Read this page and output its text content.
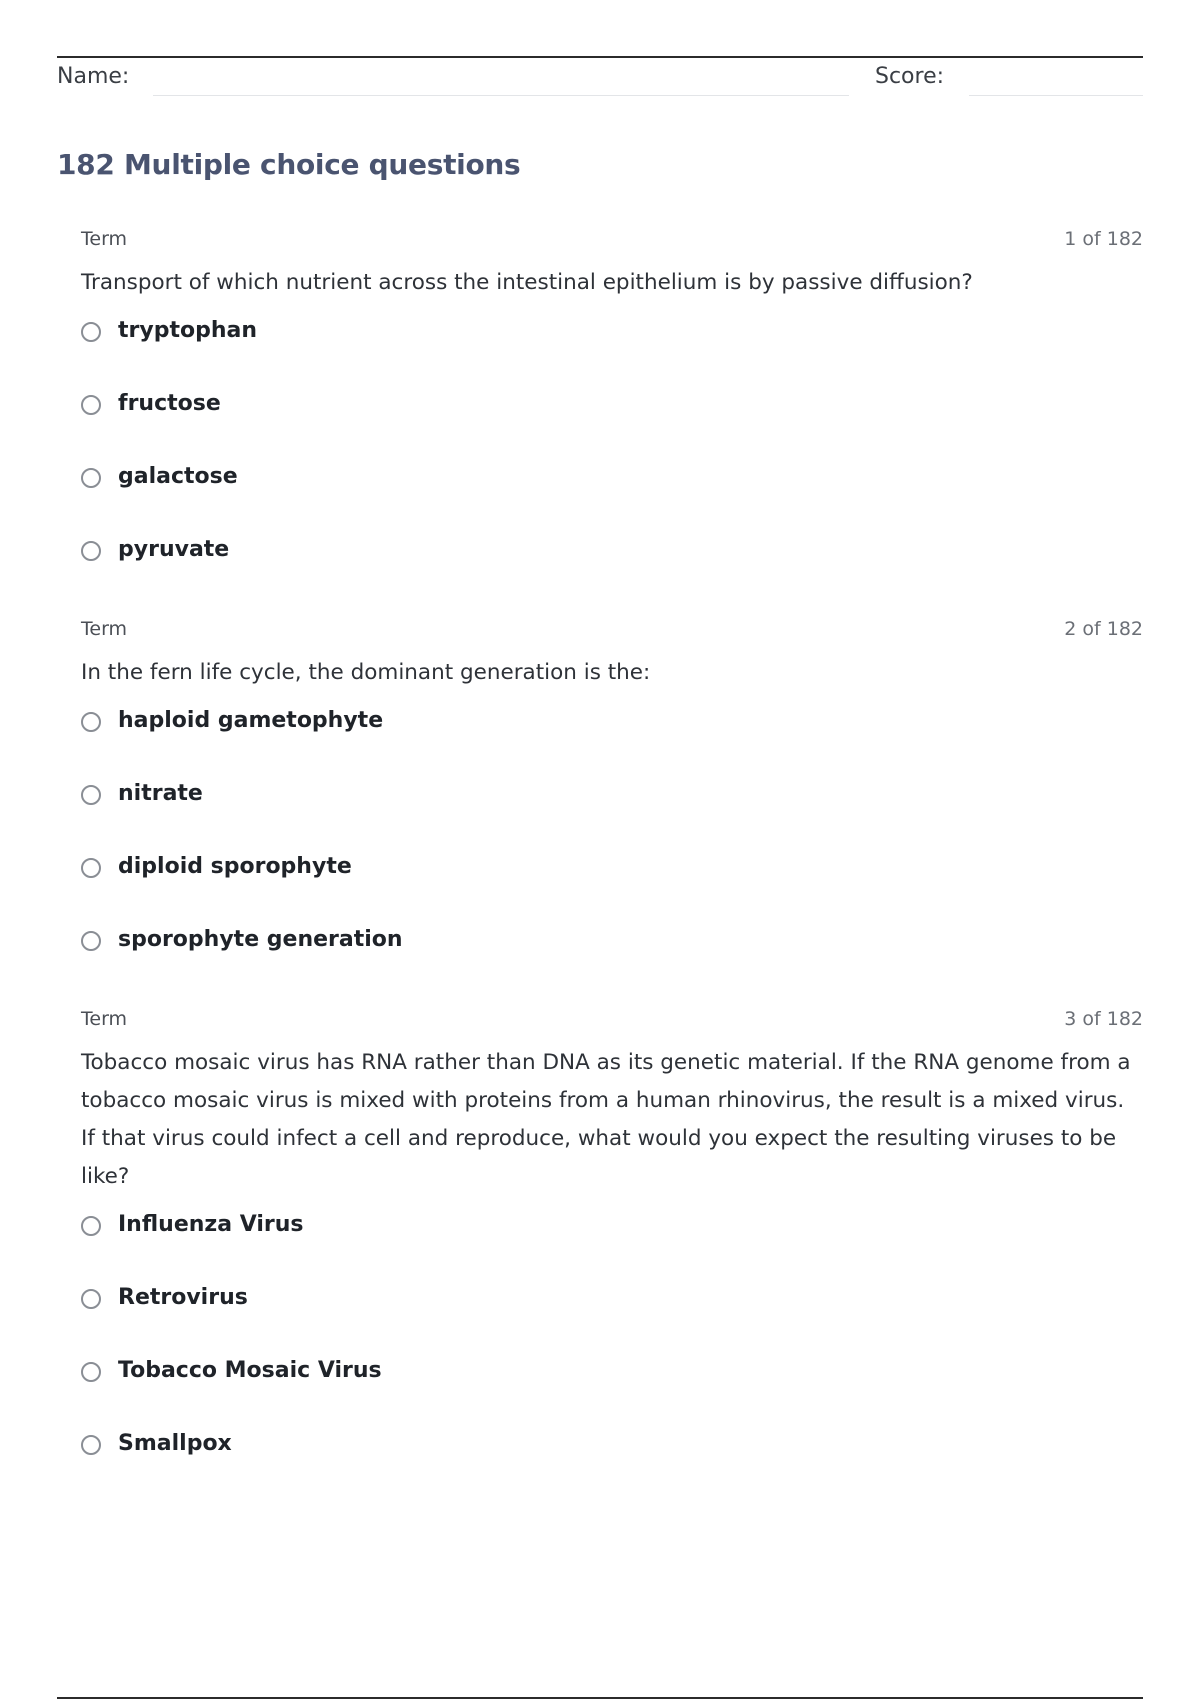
Name:	Score:
182 Multiple choice questions
Term	1 of 182

Transport of which nutrient across the intestinal epithelium is by passive diffusion?

tryptophan
fructose
galactose
pyruvate
Term	2 of 182

In the fern life cycle, the dominant generation is the:

haploid gametophyte
nitrate
diploid sporophyte
sporophyte generation
Term	3 of 182

Tobacco mosaic virus has RNA rather than DNA as its genetic material. If the RNA genome from a tobacco mosaic virus is mixed with proteins from a human rhinovirus, the result is a mixed virus. If that virus could infect a cell and reproduce, what would you expect the resulting viruses to be like?

Influenza Virus
Retrovirus
Tobacco Mosaic Virus
Smallpox
